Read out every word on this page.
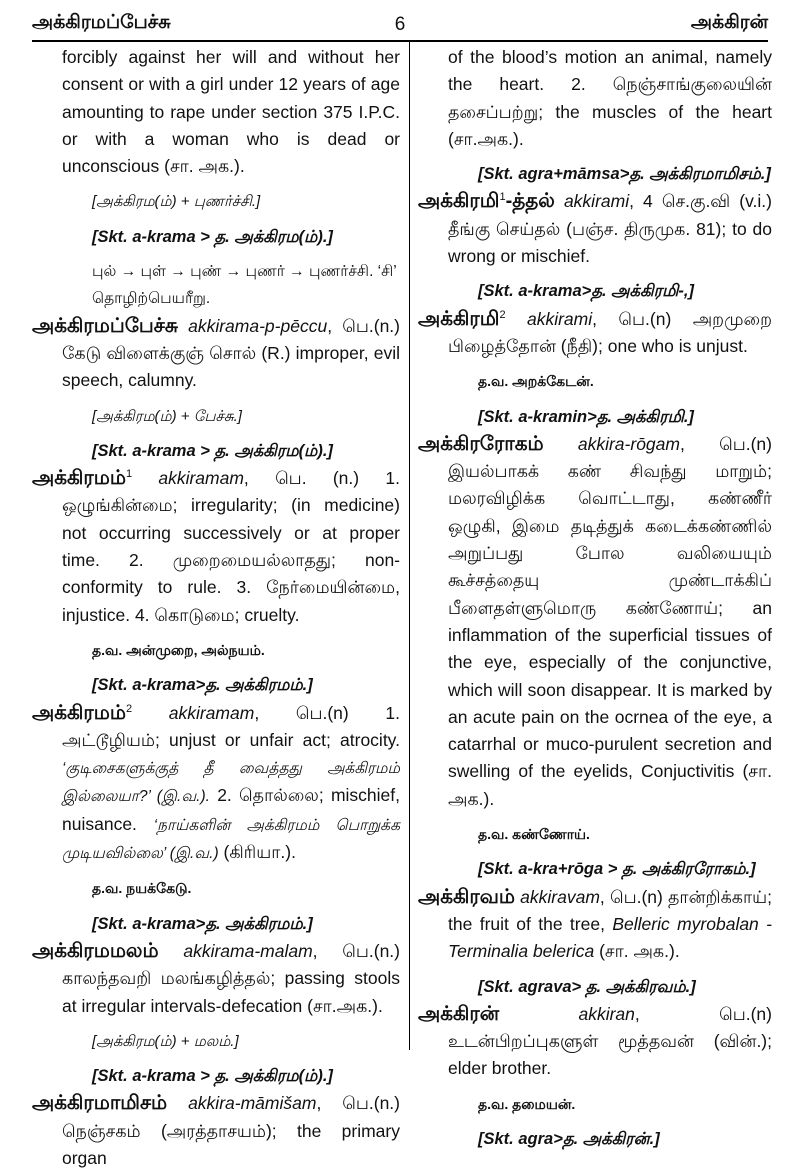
அக்கிரமப்பேச்சு	6	அக்கிரன்

forcibly against her will and without her consent or with a girl under 12 years of age amounting to rape under section 375 I.P.C. or with a woman who is dead or unconscious (சா. அக.).

[அக்கிரம(ம்) + புணர்ச்சி.]

[Skt. a-krama > த. அக்கிரம(ம்).]

புல் → புள் → புண் → புணர் → புணர்ச்சி. ‘சி’ தொழிற்பெயரீறு.

அக்கிரமப்பேச்சு akkirama-p-pēccu, பெ.(n.) கேடு விளைக்குஞ் சொல் (R.) improper, evil speech, calumny.

[அக்கிரம(ம்) + பேச்சு.]

[Skt. a-krama > த. அக்கிரம(ம்).]

அக்கிரமம்$^1$ akkiramam, பெ. (n.) 1. ஒழுங்கின்மை; irregularity; (in medicine) not occurring successively or at proper time. 2. முறைமையல்லாதது; non-conformity to rule. 3. நேர்மையின்மை, injustice. 4. கொடுமை; cruelty.

த.வ. அன்முறை, அல்நயம்.

[Skt. a-krama>த. அக்கிரமம்.]

அக்கிரமம்$^2$ akkiramam, பெ.(n) 1. அட்டூழியம்; unjust or unfair act; atrocity. ‘குடிசைகளுக்குத் தீ வைத்தது அக்கிரமம் இல்லையா?’ (இ.வ.). 2. தொல்லை; mischief, nuisance. ‘நாய்களின் அக்கிரமம் பொறுக்க முடியவில்லை’ (இ.வ.) (கிரியா.).

த.வ. நயக்கேடு.

[Skt. a-krama>த. அக்கிரமம்.]

அக்கிரமமலம் akkirama-malam, பெ.(n.) காலந்தவறி மலங்கழித்தல்; passing stools at irregular intervals-defecation (சா.அக.).

[அக்கிரம(ம்) + மலம்.]

[Skt. a-krama > த. அக்கிரம(ம்).]

அக்கிரமாமிசம் akkira-māmišam, பெ.(n.) நெஞ்சகம் (அரத்தாசயம்); the primary organ

of the blood’s motion an animal, namely the heart. 2. நெஞ்சாங்குலையின் தசைப்பற்று; the muscles of the heart (சா.அக.).

[Skt. agra+māmsa>த. அக்கிரமாமிசம்.]

அக்கிரமி$^1$-த்தல் akkirami, 4 செ.கு.வி (v.i.) தீங்கு செய்தல் (பஞ்ச. திருமுக. 81); to do wrong or mischief.

[Skt. a-krama>த. அக்கிரமி-,]

அக்கிரமி$^2$ akkirami, பெ.(n) அறமுறை பிழைத்தோன் (நீதி); one who is unjust.

த.வ. அறக்கேடன்.

[Skt. a-kramin>த. அக்கிரமி.]

அக்கிரரோகம் akkira-rōgam, பெ.(n) இயல்பாகக் கண் சிவந்து மாறும்; மலரவிழிக்க வொட்டாது, கண்ணீர் ஒழுகி, இமை தடித்துக் கடைக்கண்ணில் அறுப்பது போல வலியையும் கூச்சத்தையு முண்டாக்கிப் பீளைதள்ளுமொரு கண்ணோய்; an inflammation of the superficial tissues of the eye, especially of the conjunctive, which will soon disappear. It is marked by an acute pain on the ocrnea of the eye, a catarrhal or muco-purulent secretion and swelling of the eyelids, Conjuctivitis (சா. அக.).

த.வ. கண்ணோய்.

[Skt. a-kra+rōga > த. அக்கிரரோகம்.]

அக்கிரவம் akkiravam, பெ.(n) தான்றிக்காய்; the fruit of the tree, Belleric myrobalan - Terminalia belerica (சா. அக.).

[Skt. agrava> த. அக்கிரவம்.]

அக்கிரன்	akkiran, பெ.(n) உடன்பிறப்புகளுள் மூத்தவன் (வின்.); elder brother.

த.வ. தமையன்.

[Skt. agra>த. அக்கிரன்.]
